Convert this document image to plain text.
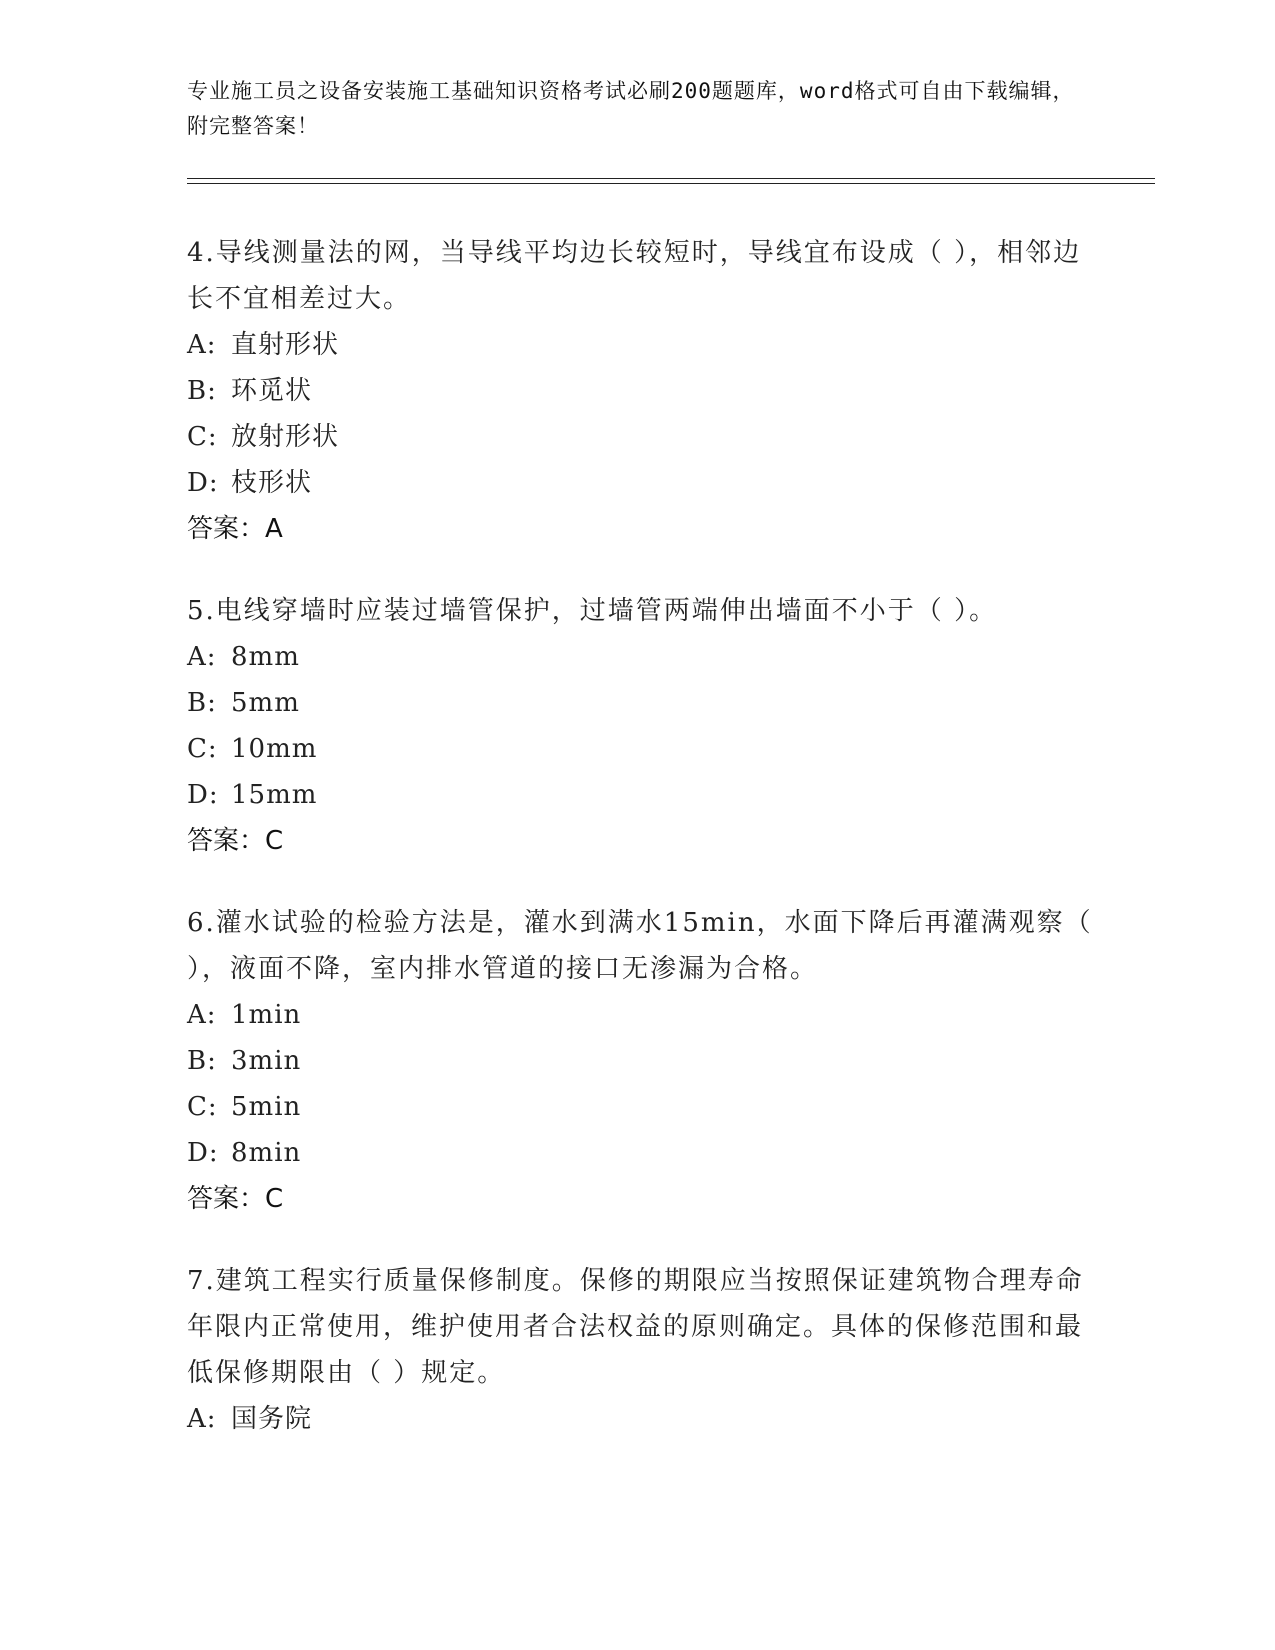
专业施工员之设备安装施工基础知识资格考试必刷200题题库，word格式可自由下载编辑，附完整答案！
4.导线测量法的网，当导线平均边长较短时，导线宜布设成（ ），相邻边长不宜相差过大。
A: 直射形状
B: 环觅状
C: 放射形状
D: 枝形状
答案：A
5.电线穿墙时应装过墙管保护，过墙管两端伸出墙面不小于（ ）。
A: 8mm
B: 5mm
C: 10mm
D: 15mm
答案：C
6.灌水试验的检验方法是，灌水到满水15min，水面下降后再灌满观察（ ），液面不降，室内排水管道的接口无渗漏为合格。
A: 1min
B: 3min
C: 5min
D: 8min
答案：C
7.建筑工程实行质量保修制度。保修的期限应当按照保证建筑物合理寿命年限内正常使用，维护使用者合法权益的原则确定。具体的保修范围和最低保修期限由（ ）规定。
A: 国务院
